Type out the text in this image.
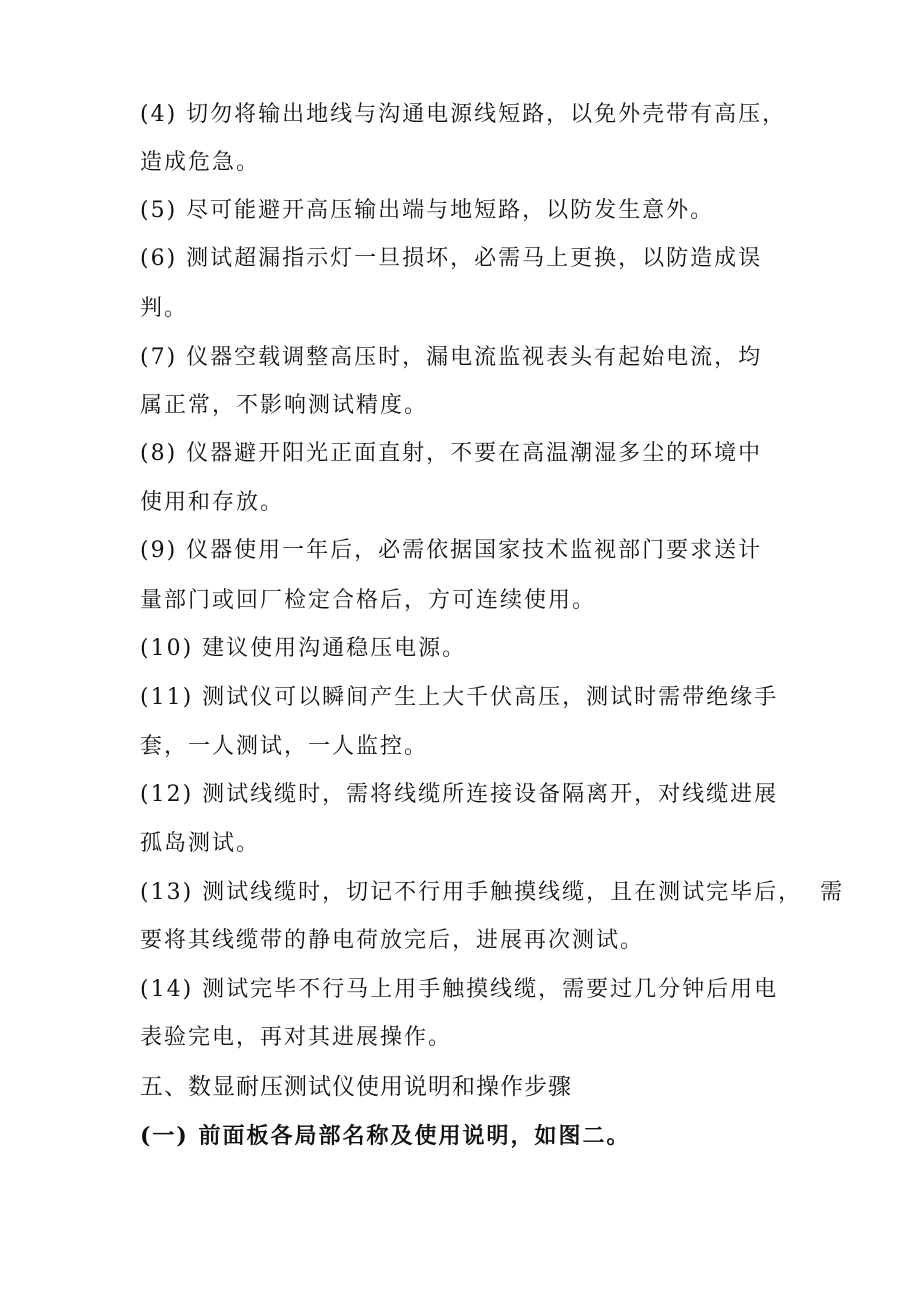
(4) 切勿将输出地线与沟通电源线短路，以免外壳带有高压，
造成危急。
(5) 尽可能避开高压输出端与地短路，以防发生意外。
(6) 测试超漏指示灯一旦损坏，必需马上更换，以防造成误
判。
(7) 仪器空载调整高压时，漏电流监视表头有起始电流，均
属正常，不影响测试精度。
(8) 仪器避开阳光正面直射，不要在高温潮湿多尘的环境中
使用和存放。
(9) 仪器使用一年后，必需依据国家技术监视部门要求送计
量部门或回厂检定合格后，方可连续使用。
(10) 建议使用沟通稳压电源。
(11) 测试仪可以瞬间产生上大千伏高压，测试时需带绝缘手
套，一人测试，一人监控。
(12) 测试线缆时，需将线缆所连接设备隔离开，对线缆进展
孤岛测试。
(13) 测试线缆时，切记不行用手触摸线缆，且在测试完毕后，  需
要将其线缆带的静电荷放完后，进展再次测试。
(14) 测试完毕不行马上用手触摸线缆，需要过几分钟后用电
表验完电，再对其进展操作。
五、数显耐压测试仪使用说明和操作步骤
(一) 前面板各局部名称及使用说明，如图二。
